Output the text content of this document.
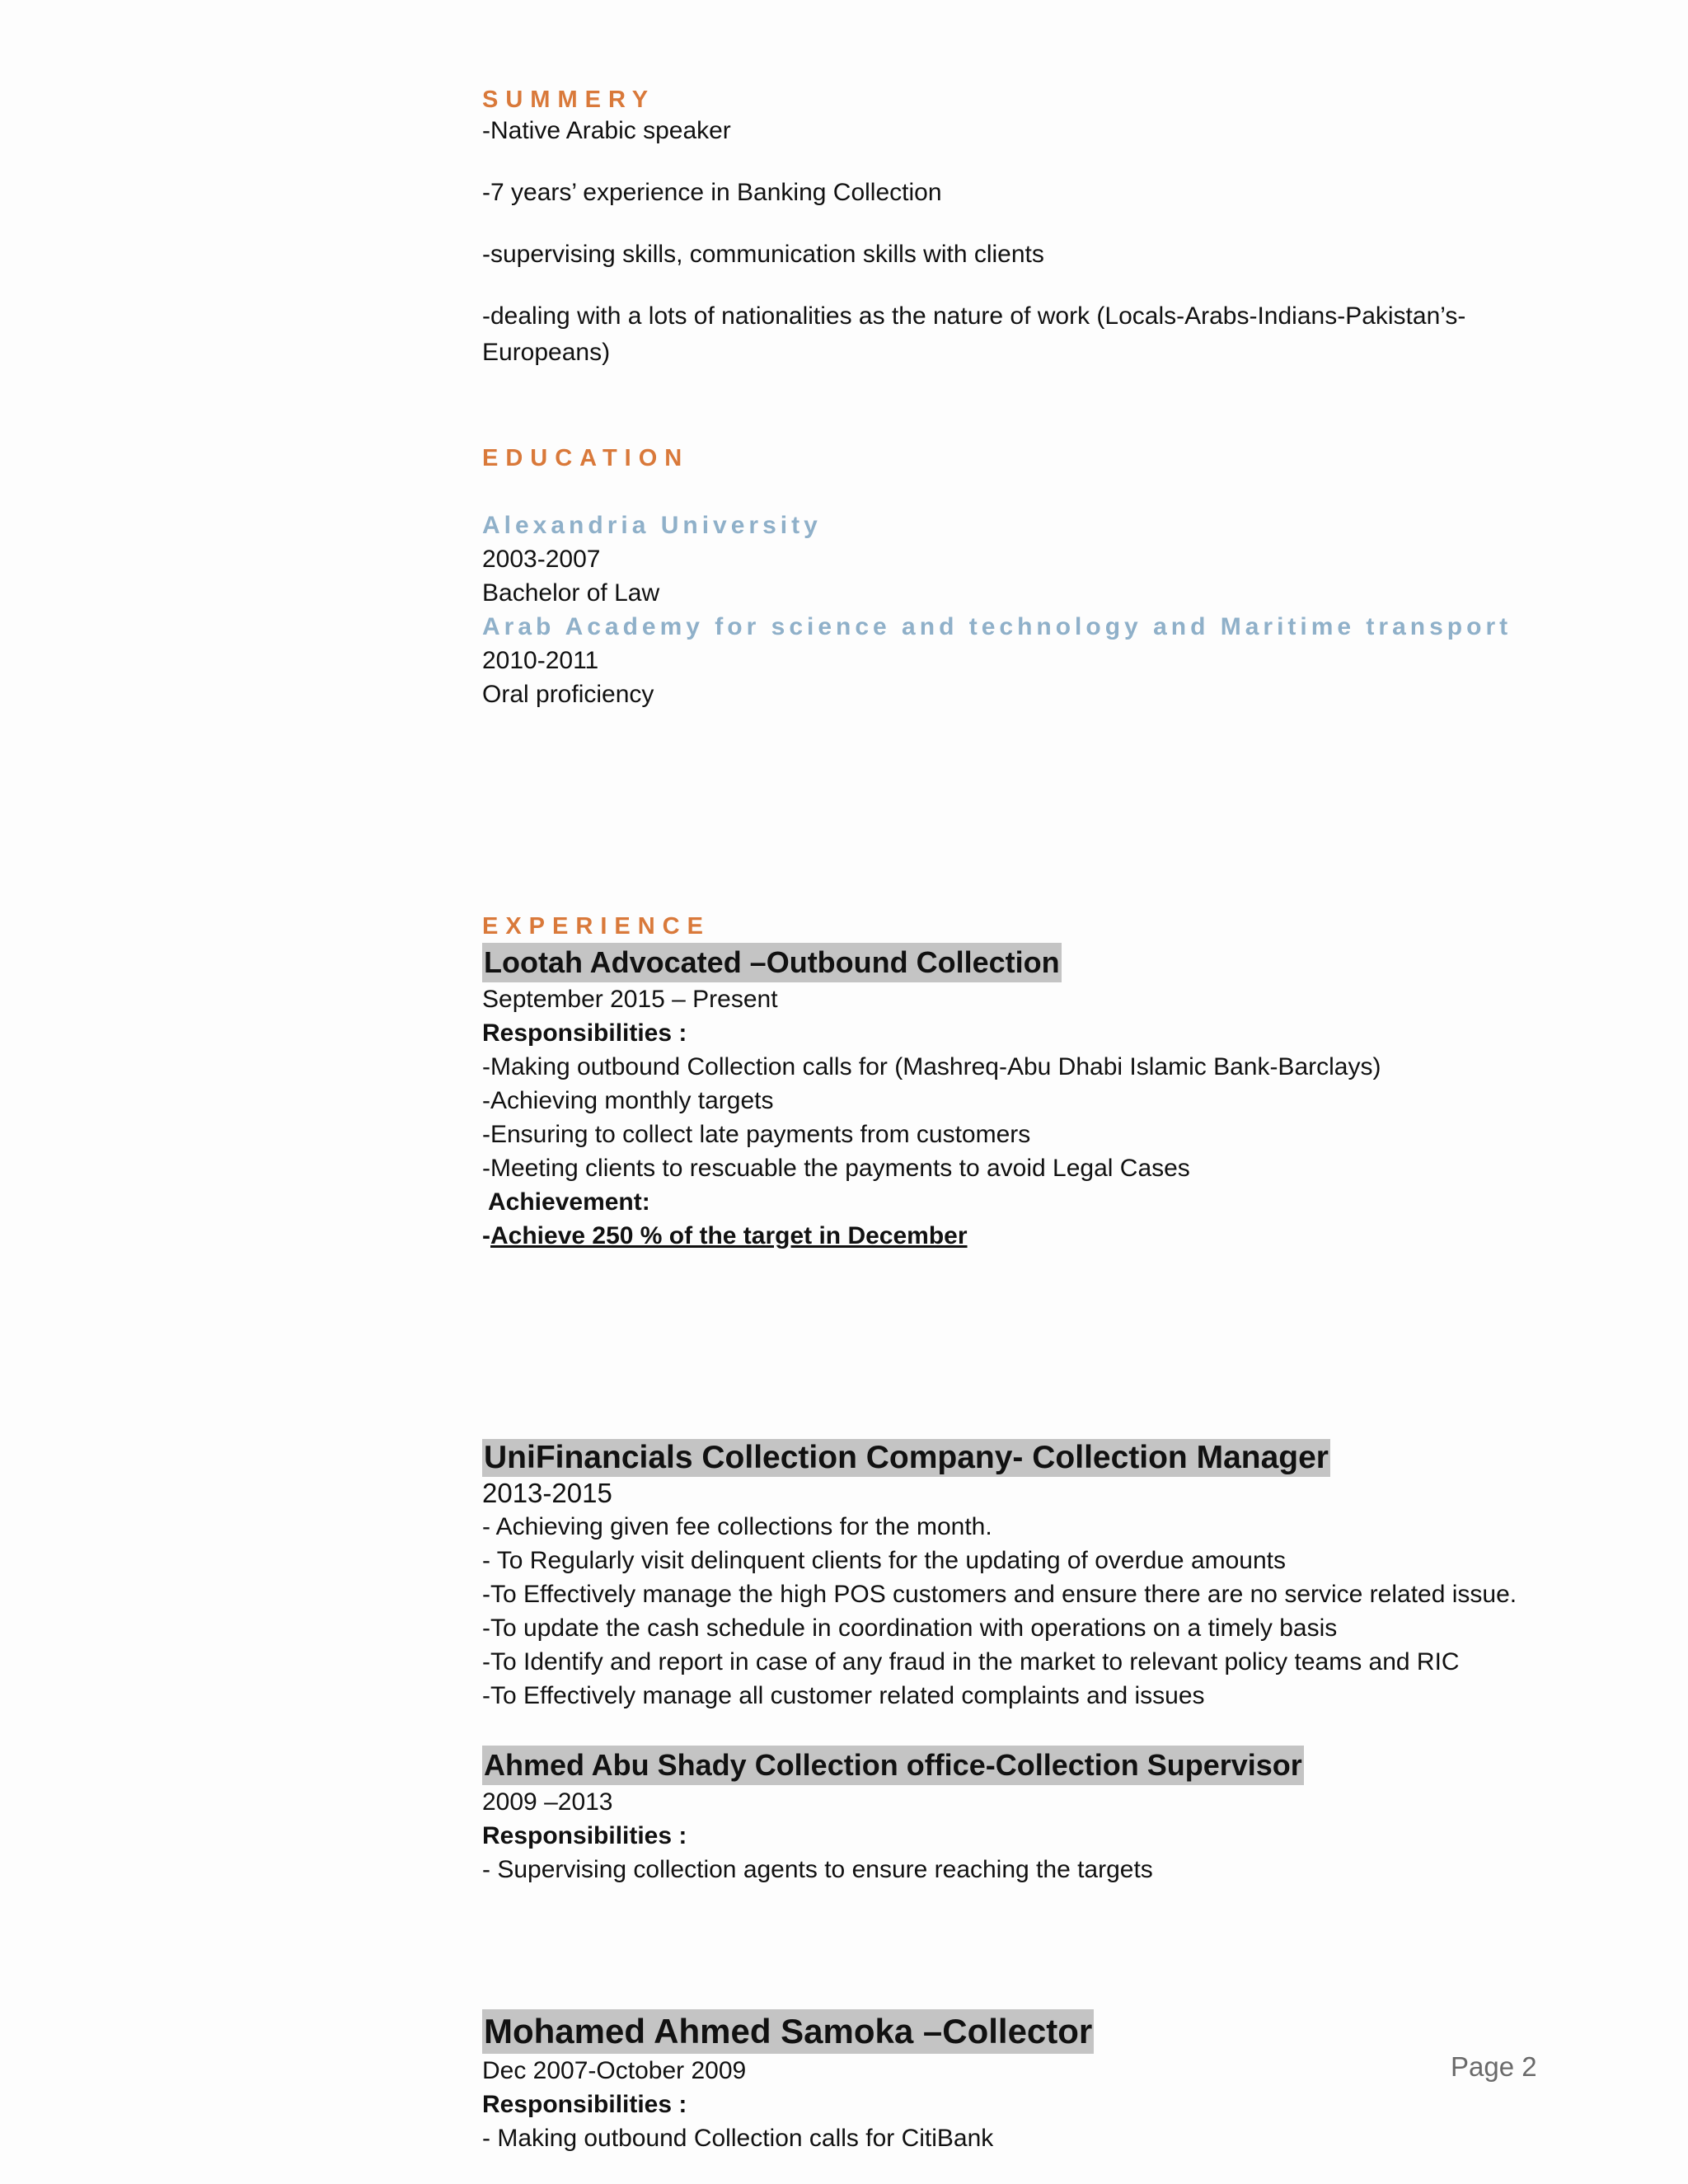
SUMMERY

-Native Arabic speaker

-7 years’ experience in Banking Collection

-supervising skills, communication skills with clients

-dealing with a lots of nationalities as the nature of work (Locals-Arabs-Indians-Pakistan’s-Europeans)

EDUCATION

Alexandria University

2003-2007

Bachelor of Law

Arab Academy for science and technology and Maritime transport

2010-2011

Oral proficiency

EXPERIENCE

Lootah Advocated –Outbound Collection

September 2015 – Present

Responsibilities :

-Making outbound Collection calls for (Mashreq-Abu Dhabi Islamic Bank-Barclays)

-Achieving monthly targets

-Ensuring to collect late payments from customers

-Meeting clients to rescuable the payments to avoid Legal Cases

Achievement:

-Achieve 250 % of the target in December

UniFinancials Collection Company- Collection Manager

2013-2015

- Achieving given fee collections for the month.

- To Regularly visit delinquent clients for the updating of overdue amounts

-To Effectively manage the high POS customers and ensure there are no service related issue.

-To update the cash schedule in coordination with operations on a timely basis

-To Identify and report in case of any fraud in the market to relevant policy teams and RIC

-To Effectively manage all customer related complaints and issues

Ahmed Abu Shady Collection office-Collection Supervisor

2009 –2013

Responsibilities :

- Supervising collection agents to ensure reaching the targets

Mohamed Ahmed Samoka –Collector

Dec 2007-October 2009

Responsibilities :

- Making outbound Collection calls for CitiBank

Page 2
